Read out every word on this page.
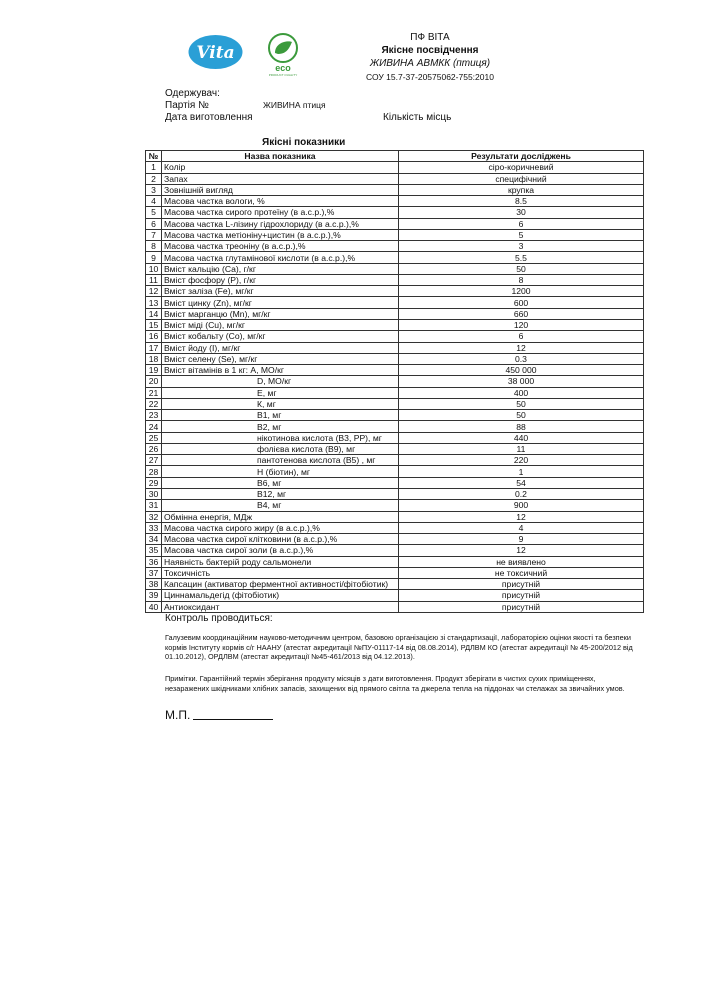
Vita
eco
PRODUCT QUALITY
ПФ ВІТА
Якісне посвідчення
ЖИВИНА АВМКК (птиця)
СОУ 15.7-37-20575062-755:2010
Одержувач:
Партія №	ЖИВИНА птиця
Дата виготовлення	Кількість місць
Якісні показники
№	Назва показника	Результати досліджень
1	Колір	сіро-коричневий
2	Запах	специфічний
3	Зовнішній вигляд	крупка
4	Масова частка вологи, %	8.5
5	Масова частка сирого протеїну (в а.с.р.),%	30
6	Масова частка L-лізину гідрохлориду (в а.с.р.),%	6
7	Масова частка метіоніну+цистин (в а.с.р.),%	5
8	Масова частка треоніну (в а.с.р.),%	3
9	Масова частка глутамінової кислоти (в а.с.р.),%	5.5
10	Вміст кальцію (Са), г/кг	50
11	Вміст фосфору (Р), г/кг	8
12	Вміст заліза (Fe), мг/кг	1200
13	Вміст цинку (Zn), мг/кг	600
14	Вміст марганцю (Mn), мг/кг	660
15	Вміст міді (Cu), мг/кг	120
16	Вміст кобальту (Co), мг/кг	6
17	Вміст йоду (I), мг/кг	12
18	Вміст селену (Se), мг/кг	0.3
19	Вміст вітамінів в 1 кг: А, МО/кг	450 000
20	D, МО/кг	38 000
21	Е, мг	400
22	К, мг	50
23	В1, мг	50
24	В2, мг	88
25	нікотинова кислота (В3, РР), мг	440
26	фолієва кислота (В9), мг	11
27	пантотенова кислота (В5) , мг	220
28	Н (біотин), мг	1
29	В6, мг	54
30	В12, мг	0.2
31	В4, мг	900
32	Обмінна енергія, МДж	12
33	Масова частка сирого жиру (в а.с.р.),%	4
34	Масова частка сирої клітковини (в а.с.р.),%	9
35	Масова частка сирої золи (в а.с.р.),%	12
36	Наявність бактерій роду сальмонели	не виявлено
37	Токсичність	не токсичний
38	Капсацин (активатор ферментної активності/фітобіотик)	присутній
39	Циннамальдегід (фітобіотик)	присутній
40	Антиоксидант	присутній
Контроль проводиться:
Галузевим координаційним науково-методичним центром, базовою організацією зі стандартизації, лабораторією оцінки якості та безпеки кормів Інституту кормів с/г НААНУ (атестат акредитації №ПУ-01117-14 від 08.08.2014), РДЛВМ КО (атестат акредитації № 45-200/2012 від 01.10.2012), ОРДЛВМ (атестат акредитації №45-461/2013 від 04.12.2013).
Примітки. Гарантійний термін зберігання продукту місяців з дати виготовлення. Продукт зберігати в чистих сухих приміщеннях, незаражених шкідниками хлібних запасів, захищених від прямого світла та джерела тепла на піддонах чи стелажах за звичайних умов.
М.П.
